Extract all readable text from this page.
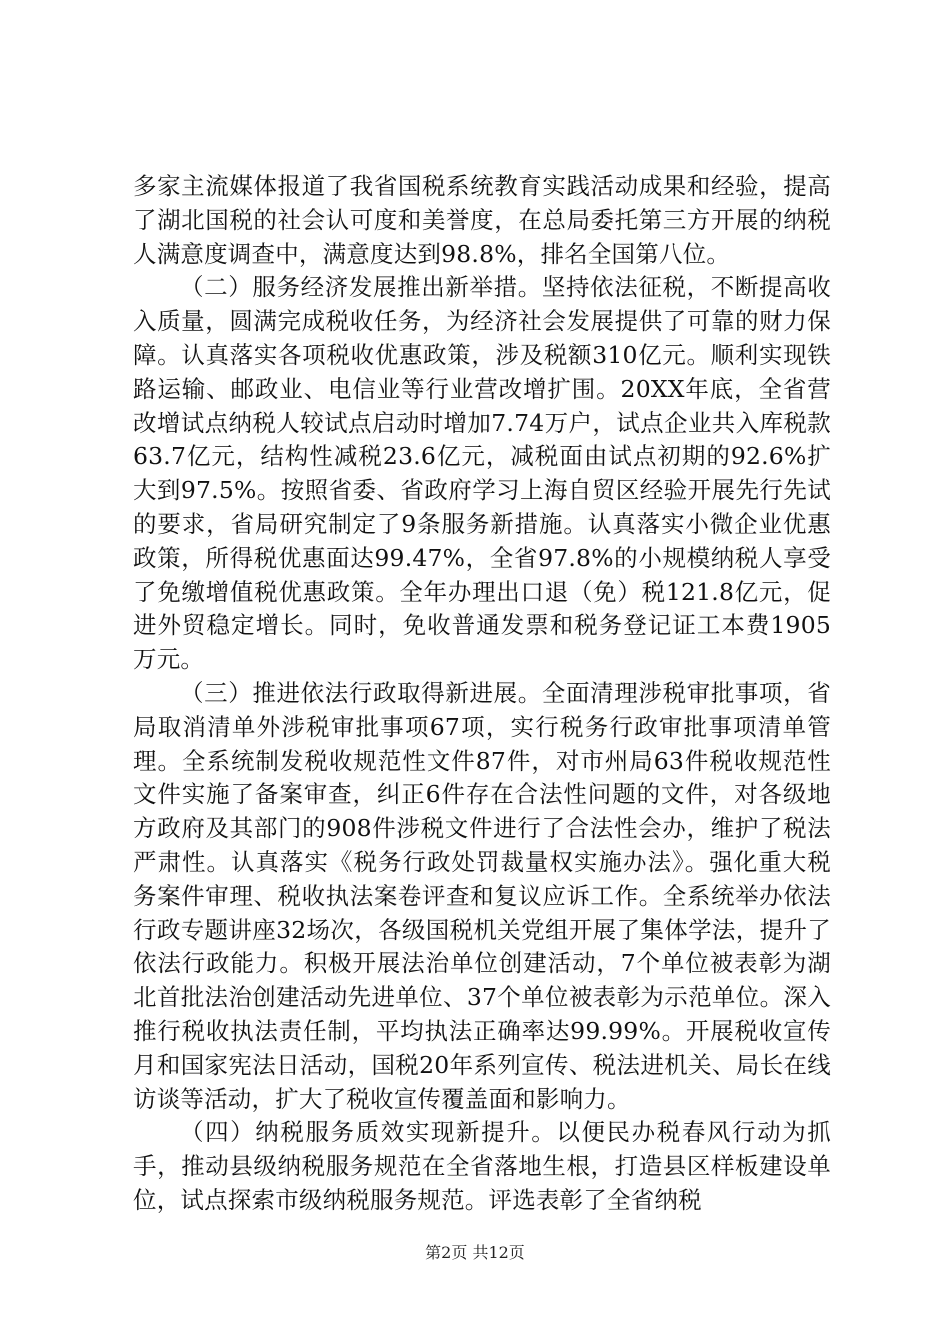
多家主流媒体报道了我省国税系统教育实践活动成果和经验，提高了湖北国税的社会认可度和美誉度，在总局委托第三方开展的纳税人满意度调查中，满意度达到98.8%，排名全国第八位。

（二）服务经济发展推出新举措。坚持依法征税，不断提高收入质量，圆满完成税收任务，为经济社会发展提供了可靠的财力保障。认真落实各项税收优惠政策，涉及税额310亿元。顺利实现铁路运输、邮政业、电信业等行业营改增扩围。20XX年底，全省营改增试点纳税人较试点启动时增加7.74万户，试点企业共入库税款63.7亿元，结构性减税23.6亿元，减税面由试点初期的92.6%扩大到97.5%。按照省委、省政府学习上海自贸区经验开展先行先试的要求，省局研究制定了9条服务新措施。认真落实小微企业优惠政策，所得税优惠面达99.47%，全省97.8%的小规模纳税人享受了免缴增值税优惠政策。全年办理出口退（免）税121.8亿元，促进外贸稳定增长。同时，免收普通发票和税务登记证工本费1905万元。

（三）推进依法行政取得新进展。全面清理涉税审批事项，省局取消清单外涉税审批事项67项，实行税务行政审批事项清单管理。全系统制发税收规范性文件87件，对市州局63件税收规范性文件实施了备案审查，纠正6件存在合法性问题的文件，对各级地方政府及其部门的908件涉税文件进行了合法性会办，维护了税法严肃性。认真落实《税务行政处罚裁量权实施办法》。强化重大税务案件审理、税收执法案卷评查和复议应诉工作。全系统举办依法行政专题讲座32场次，各级国税机关党组开展了集体学法，提升了依法行政能力。积极开展法治单位创建活动，7个单位被表彰为湖北首批法治创建活动先进单位、37个单位被表彰为示范单位。深入推行税收执法责任制，平均执法正确率达99.99%。开展税收宣传月和国家宪法日活动，国税20年系列宣传、税法进机关、局长在线访谈等活动，扩大了税收宣传覆盖面和影响力。

（四）纳税服务质效实现新提升。以便民办税春风行动为抓手，推动县级纳税服务规范在全省落地生根，打造县区样板建设单位，试点探索市级纳税服务规范。评选表彰了全省纳税

第2页 共12页
